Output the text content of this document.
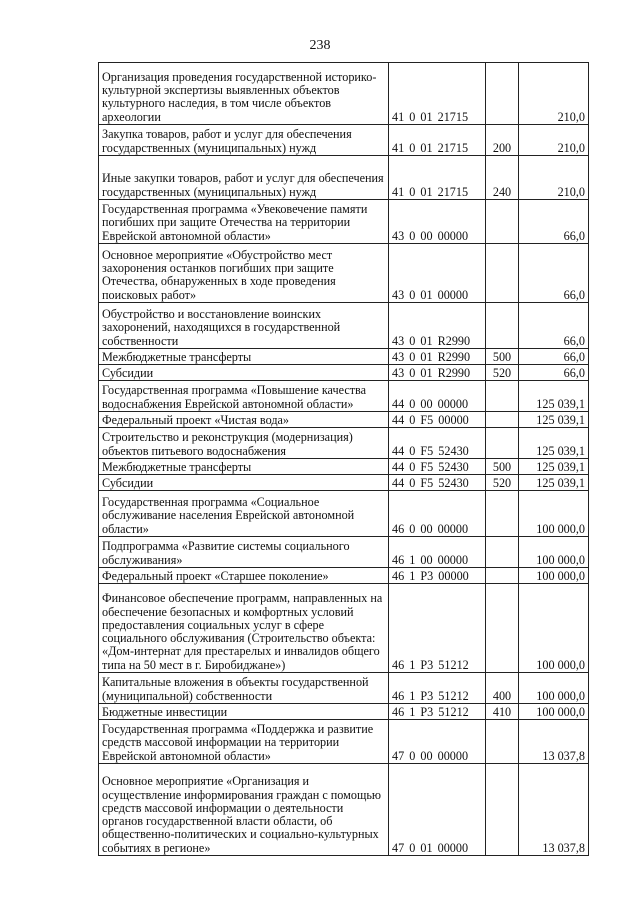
238
Организация проведения государственной историко-культурной экспертизы выявленных объектов культурного наследия, в том числе объектов археологии	41 0 01 21715		210,0
Закупка товаров, работ и услуг для обеспечения государственных (муниципальных) нужд	41 0 01 21715	200	210,0
Иные закупки товаров, работ и услуг для обеспечения государственных (муниципальных) нужд	41 0 01 21715	240	210,0
Государственная программа «Увековечение памяти погибших при защите Отечества на территории Еврейской автономной области»	43 0 00 00000		66,0
Основное мероприятие «Обустройство мест захоронения останков погибших при защите Отечества, обнаруженных в ходе проведения поисковых работ»	43 0 01 00000		66,0
Обустройство и восстановление воинских захоронений, находящихся в государственной собственности	43 0 01 R2990		66,0
Межбюджетные трансферты	43 0 01 R2990	500	66,0
Субсидии	43 0 01 R2990	520	66,0
Государственная программа «Повышение качества водоснабжения Еврейской автономной области»	44 0 00 00000		125 039,1
Федеральный проект «Чистая вода»	44 0 F5 00000		125 039,1
Строительство и реконструкция (модернизация) объектов питьевого водоснабжения	44 0 F5 52430		125 039,1
Межбюджетные трансферты	44 0 F5 52430	500	125 039,1
Субсидии	44 0 F5 52430	520	125 039,1
Государственная программа «Социальное обслуживание населения Еврейской автономной области»	46 0 00 00000		100 000,0
Подпрограмма «Развитие системы социального обслуживания»	46 1 00 00000		100 000,0
Федеральный проект «Старшее поколение»	46 1 P3 00000		100 000,0
Финансовое обеспечение программ, направленных на обеспечение безопасных и комфортных условий предоставления социальных услуг в сфере социального обслуживания (Строительство объекта: «Дом-интернат для престарелых и инвалидов общего типа на 50 мест в г. Биробиджане»)	46 1 P3 51212		100 000,0
Капитальные вложения в объекты государственной (муниципальной) собственности	46 1 P3 51212	400	100 000,0
Бюджетные инвестиции	46 1 P3 51212	410	100 000,0
Государственная программа «Поддержка и развитие средств массовой информации на территории Еврейской автономной области»	47 0 00 00000		13 037,8
Основное мероприятие «Организация и осуществление информирования граждан с помощью средств массовой информации о деятельности органов государственной власти области, об общественно-политических и социально-культурных событиях в регионе»	47 0 01 00000		13 037,8
